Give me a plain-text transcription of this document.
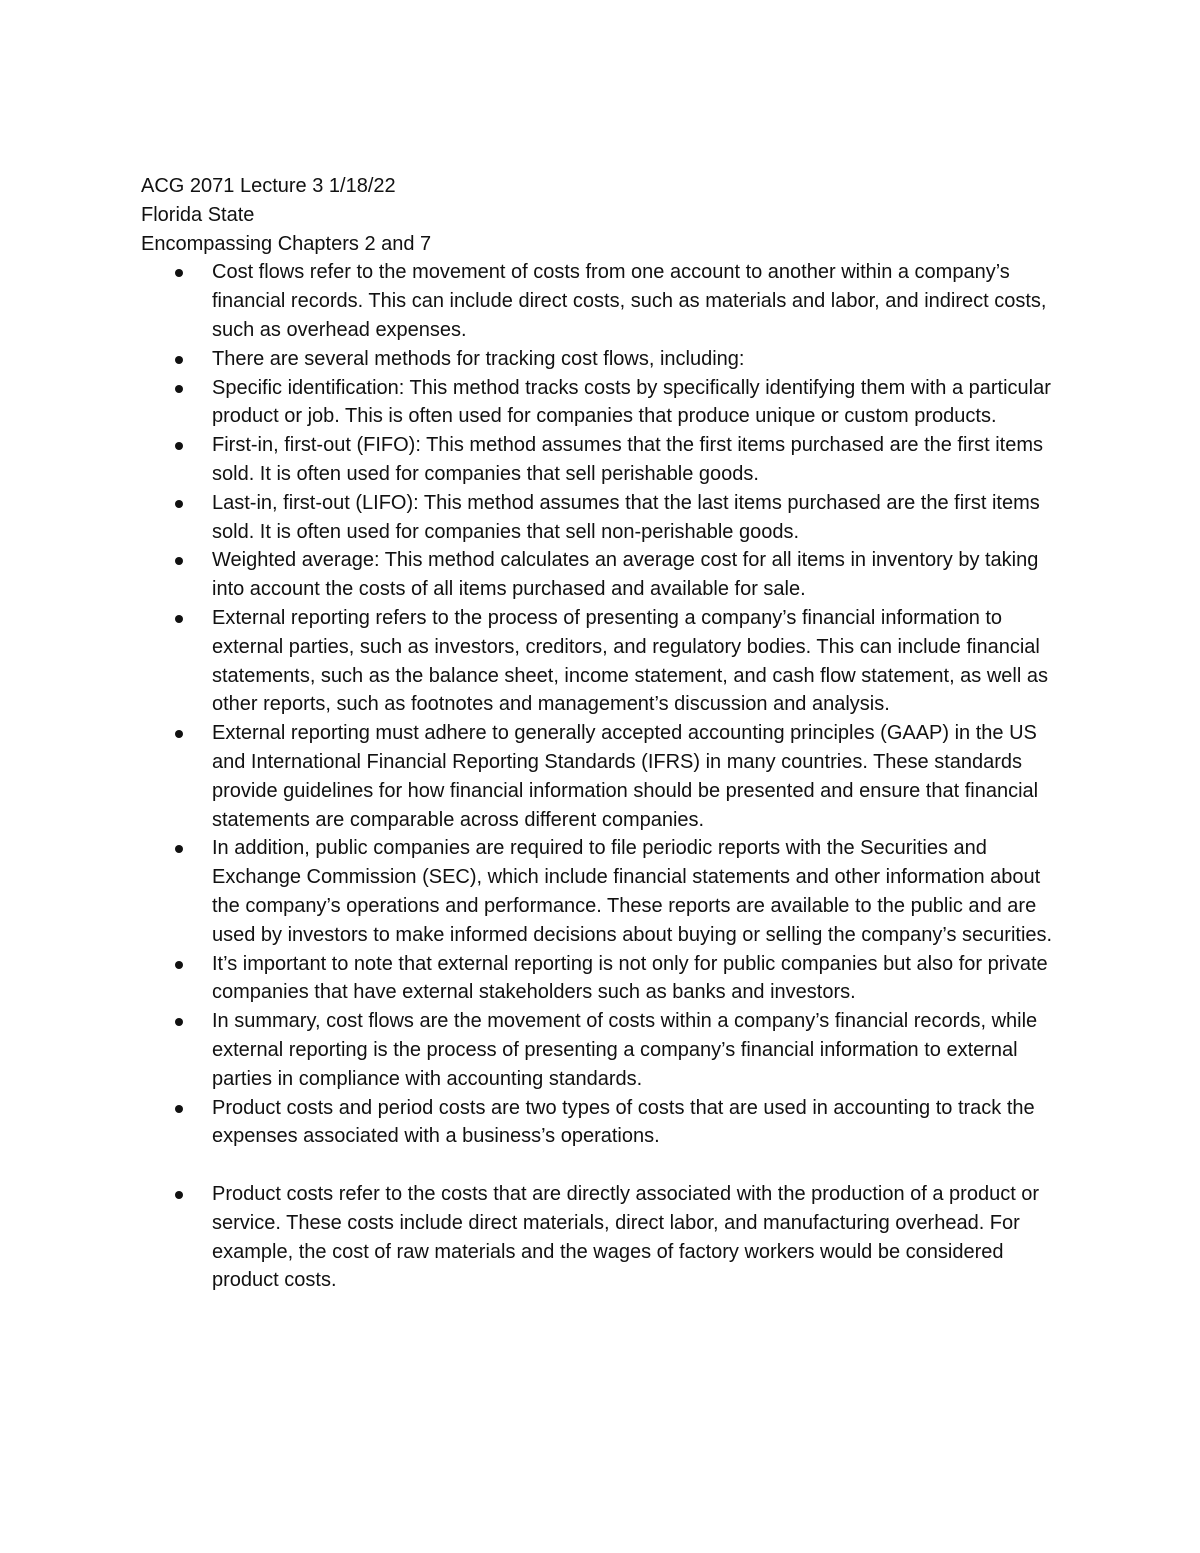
ACG 2071 Lecture 3 1/18/22

Florida State

Encompassing Chapters 2 and 7

Cost flows refer to the movement of costs from one account to another within a company’s financial records. This can include direct costs, such as materials and labor, and indirect costs, such as overhead expenses.
There are several methods for tracking cost flows, including:
Specific identification: This method tracks costs by specifically identifying them with a particular product or job. This is often used for companies that produce unique or custom products.
First-in, first-out (FIFO): This method assumes that the first items purchased are the first items sold. It is often used for companies that sell perishable goods.
Last-in, first-out (LIFO): This method assumes that the last items purchased are the first items sold. It is often used for companies that sell non-perishable goods.
Weighted average: This method calculates an average cost for all items in inventory by taking into account the costs of all items purchased and available for sale.
External reporting refers to the process of presenting a company’s financial information to external parties, such as investors, creditors, and regulatory bodies. This can include financial statements, such as the balance sheet, income statement, and cash flow statement, as well as other reports, such as footnotes and management’s discussion and analysis.
External reporting must adhere to generally accepted accounting principles (GAAP) in the US and International Financial Reporting Standards (IFRS) in many countries. These standards provide guidelines for how financial information should be presented and ensure that financial statements are comparable across different companies.
In addition, public companies are required to file periodic reports with the Securities and Exchange Commission (SEC), which include financial statements and other information about the company’s operations and performance. These reports are available to the public and are used by investors to make informed decisions about buying or selling the company’s securities.
It’s important to note that external reporting is not only for public companies but also for private companies that have external stakeholders such as banks and investors.
In summary, cost flows are the movement of costs within a company’s financial records, while external reporting is the process of presenting a company’s financial information to external parties in compliance with accounting standards.
Product costs and period costs are two types of costs that are used in accounting to track the expenses associated with a business’s operations.
Product costs refer to the costs that are directly associated with the production of a product or service. These costs include direct materials, direct labor, and manufacturing overhead. For example, the cost of raw materials and the wages of factory workers would be considered product costs.
